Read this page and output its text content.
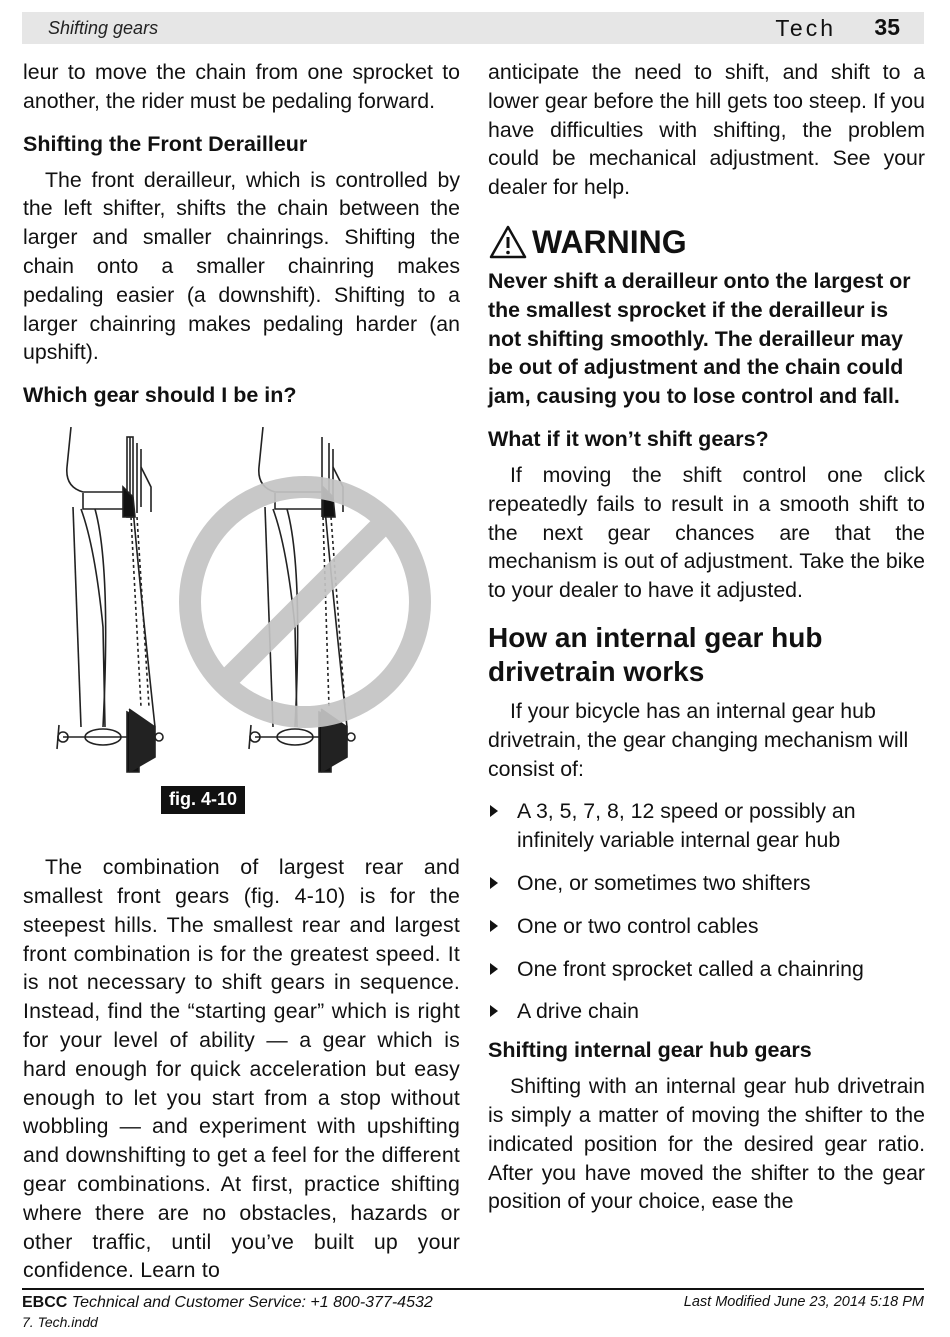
Shifting gears	Tech 35

leur to move the chain from one sprocket to another, the rider must be pedaling forward.

Shifting the Front Derailleur

The front derailleur, which is controlled by the left shifter, shifts the chain between the larger and smaller chainrings. Shifting the chain onto a smaller chainring makes pedaling easier (a downshift). Shifting to a larger chainring makes pedaling harder (an upshift).

Which gear should I be in?
fig. 4-10

The combination of largest rear and smallest front gears (fig. 4-10) is for the steepest hills. The smallest rear and largest front combination is for the greatest speed. It is not necessary to shift gears in sequence. Instead, find the “starting gear” which is right for your level of ability — a gear which is hard enough for quick acceleration but easy enough to let you start from a stop without wobbling — and experiment with upshifting and downshifting to get a feel for the different gear combinations. At first, practice shifting where there are no obstacles, hazards or other traffic, until you’ve built up your confidence. Learn to

anticipate the need to shift, and shift to a lower gear before the hill gets too steep. If you have difficulties with shifting, the problem could be mechanical adjustment. See your dealer for help.

WARNING

Never shift a derailleur onto the largest or the smallest sprocket if the derailleur is not shifting smoothly. The derailleur may be out of adjustment and the chain could jam, causing you to lose control and fall.

What if it won’t shift gears?

If moving the shift control one click repeatedly fails to result in a smooth shift to the next gear chances are that the mechanism is out of adjustment. Take the bike to your dealer to have it adjusted.

How an internal gear hub drivetrain works

If your bicycle has an internal gear hub drivetrain, the gear changing mechanism will consist of:

A 3, 5, 7, 8, 12 speed or possibly an infinitely variable internal gear hub
One, or sometimes two shifters
One or two control cables
One front sprocket called a chainring
A drive chain
Shifting internal gear hub gears

Shifting with an internal gear hub drivetrain is simply a matter of moving the shifter to the indicated position for the desired gear ratio. After you have moved the shifter to the gear position of your choice, ease the

EBCC Technical and Customer Service: +1 800-377-4532
7. Tech.indd
Last Modified June 23, 2014 5:18 PM
